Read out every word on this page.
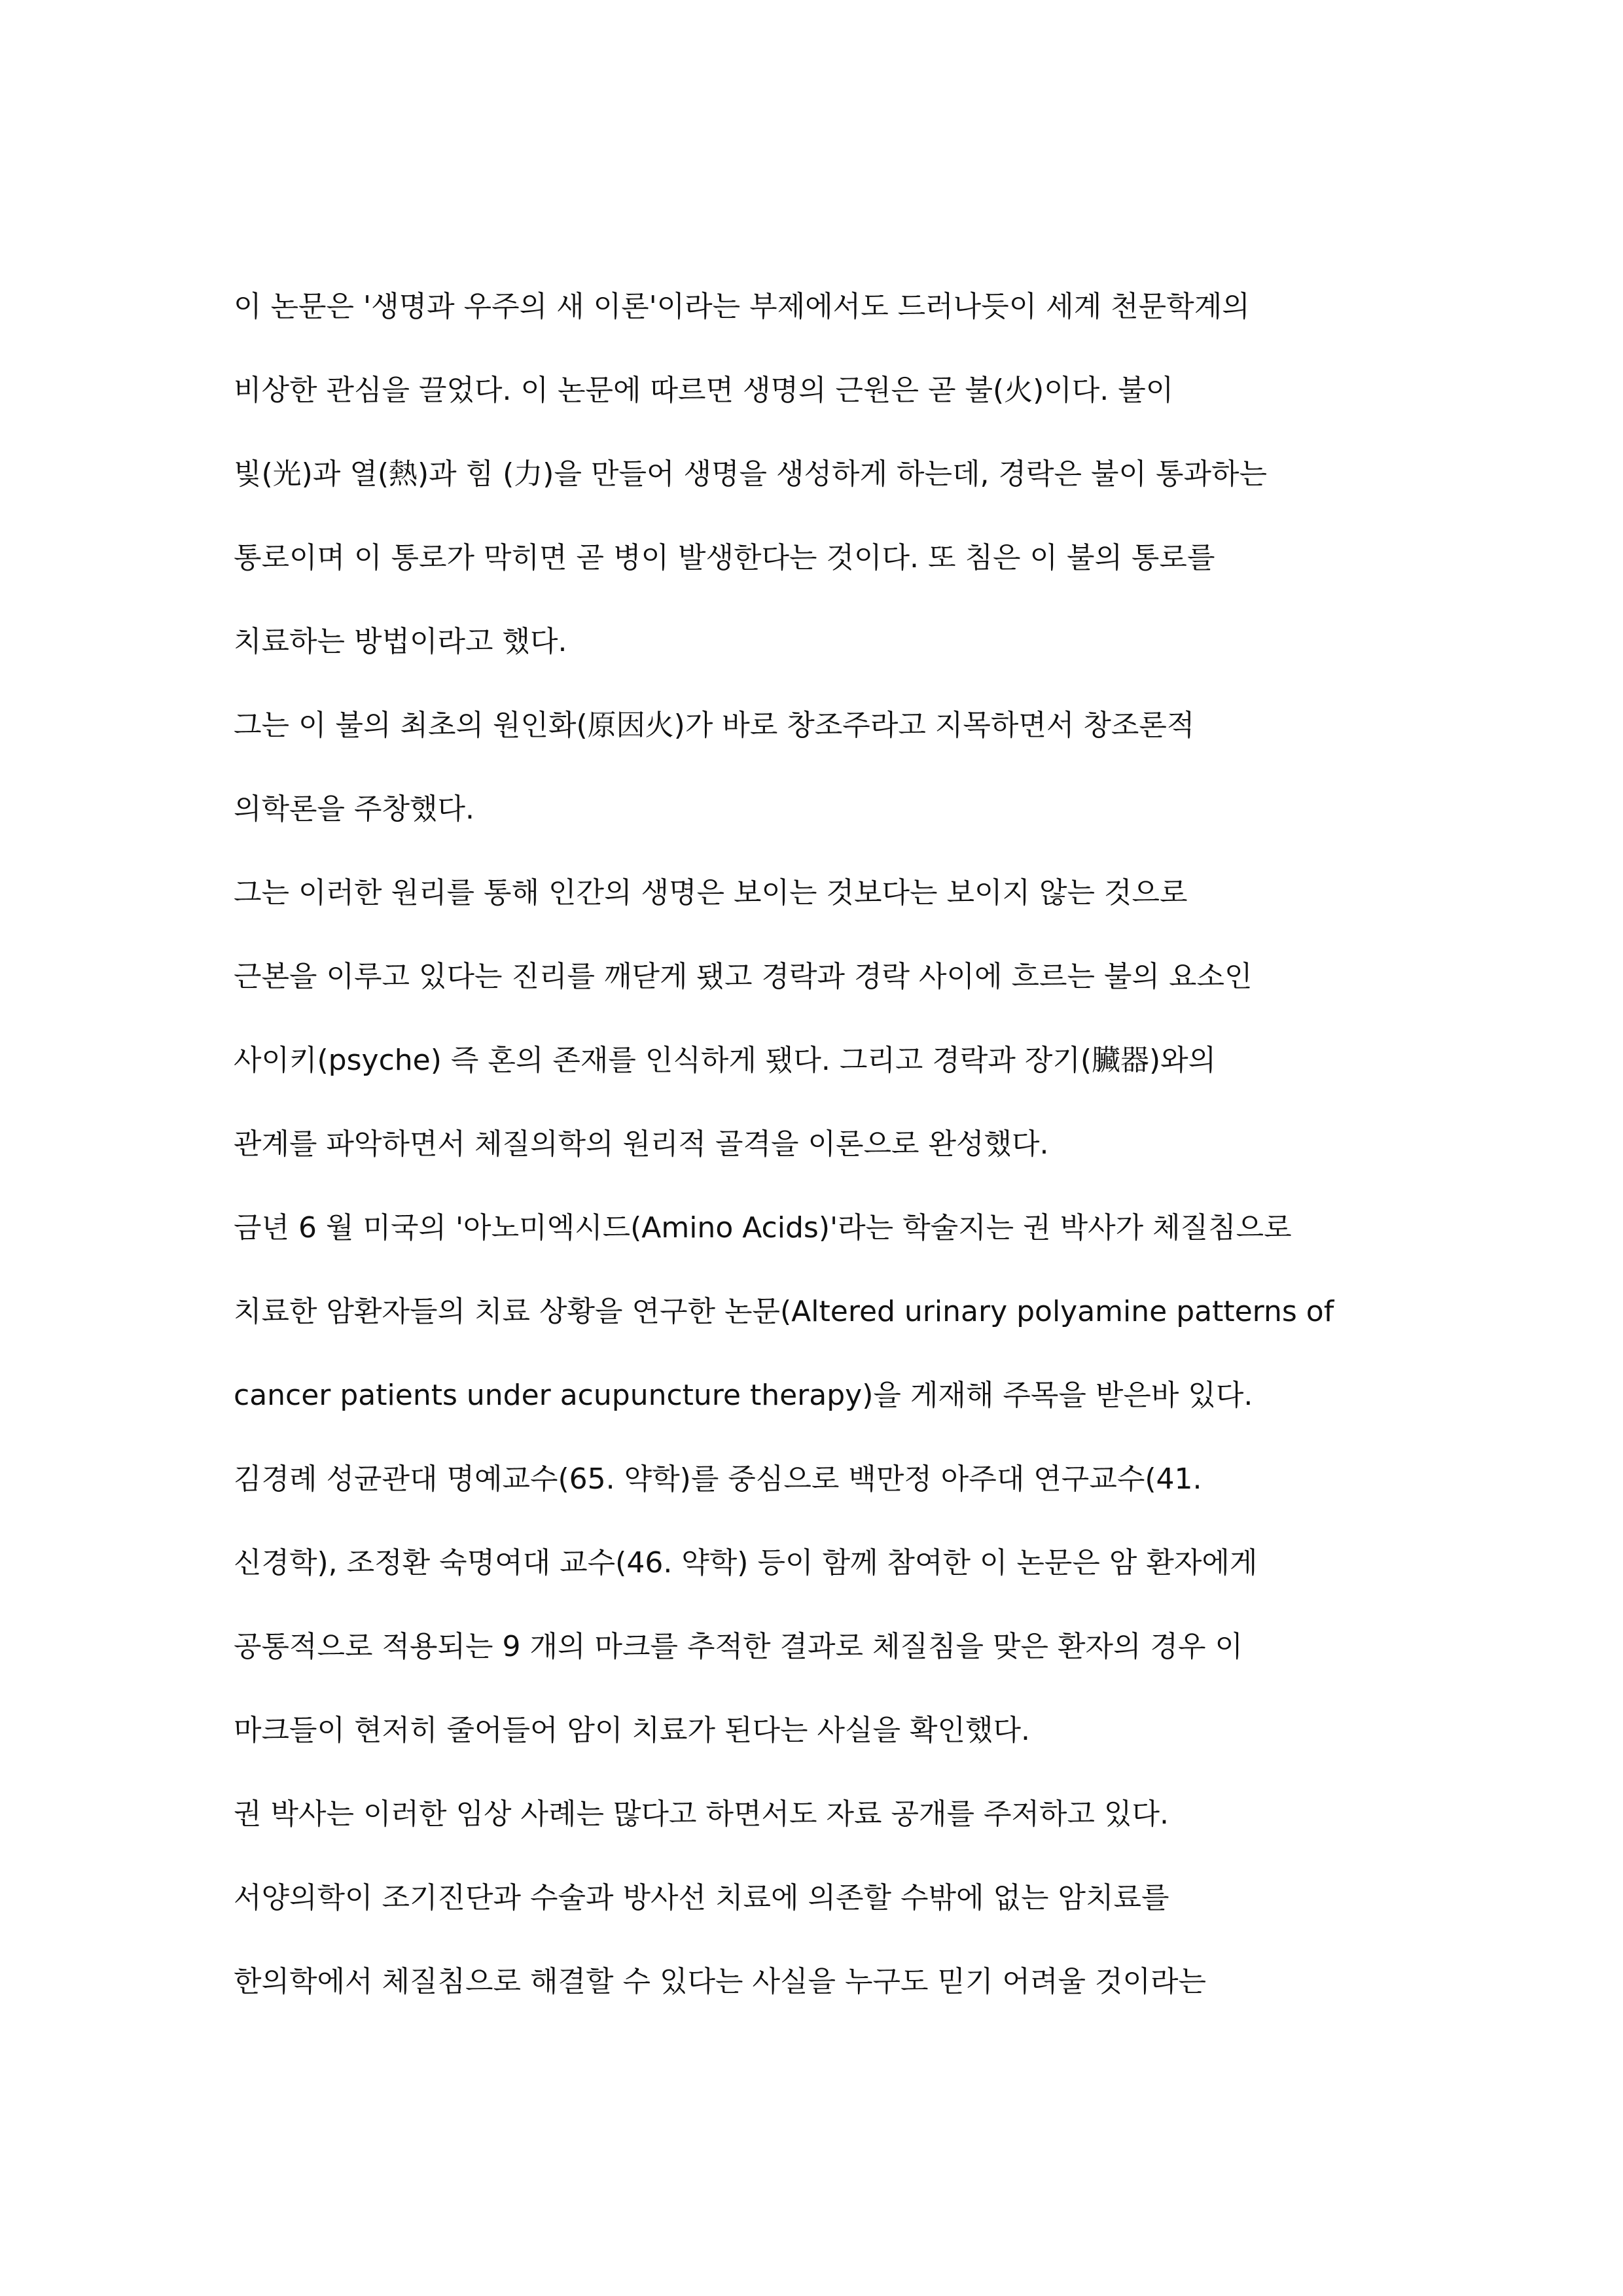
이 논문은 '생명과 우주의 새 이론'이라는 부제에서도 드러나듯이 세계 천문학계의
비상한 관심을 끌었다. 이 논문에 따르면 생명의 근원은 곧 불(火)이다. 불이
빛(光)과 열(熱)과 힘 (力)을 만들어 생명을 생성하게 하는데, 경락은 불이 통과하는
통로이며 이 통로가 막히면 곧 병이 발생한다는 것이다. 또 침은 이 불의 통로를
치료하는 방법이라고 했다.
그는 이 불의 최초의 원인화(原因火)가 바로 창조주라고 지목하면서 창조론적
의학론을 주창했다.
그는 이러한 원리를 통해 인간의 생명은 보이는 것보다는 보이지 않는 것으로
근본을 이루고 있다는 진리를 깨닫게 됐고 경락과 경락 사이에 흐르는 불의 요소인
사이키(psyche) 즉 혼의 존재를 인식하게 됐다. 그리고 경락과 장기(臟器)와의
관계를 파악하면서 체질의학의 원리적 골격을 이론으로 완성했다.
금년 6 월 미국의 '아노미엑시드(Amino Acids)'라는 학술지는 권 박사가 체질침으로
치료한 암환자들의 치료 상황을 연구한 논문(Altered urinary polyamine patterns of
cancer patients under acupuncture therapy)을 게재해 주목을 받은바 있다.
김경례 성균관대 명예교수(65. 약학)를 중심으로 백만정 아주대 연구교수(41.
신경학), 조정환 숙명여대 교수(46. 약학) 등이 함께 참여한 이 논문은 암 환자에게
공통적으로 적용되는 9 개의 마크를 추적한 결과로 체질침을 맞은 환자의 경우 이
마크들이 현저히 줄어들어 암이 치료가 된다는 사실을 확인했다.
권 박사는 이러한 임상 사례는 많다고 하면서도 자료 공개를 주저하고 있다.
서양의학이 조기진단과 수술과 방사선 치료에 의존할 수밖에 없는 암치료를
한의학에서 체질침으로 해결할 수 있다는 사실을 누구도 믿기 어려울 것이라는
